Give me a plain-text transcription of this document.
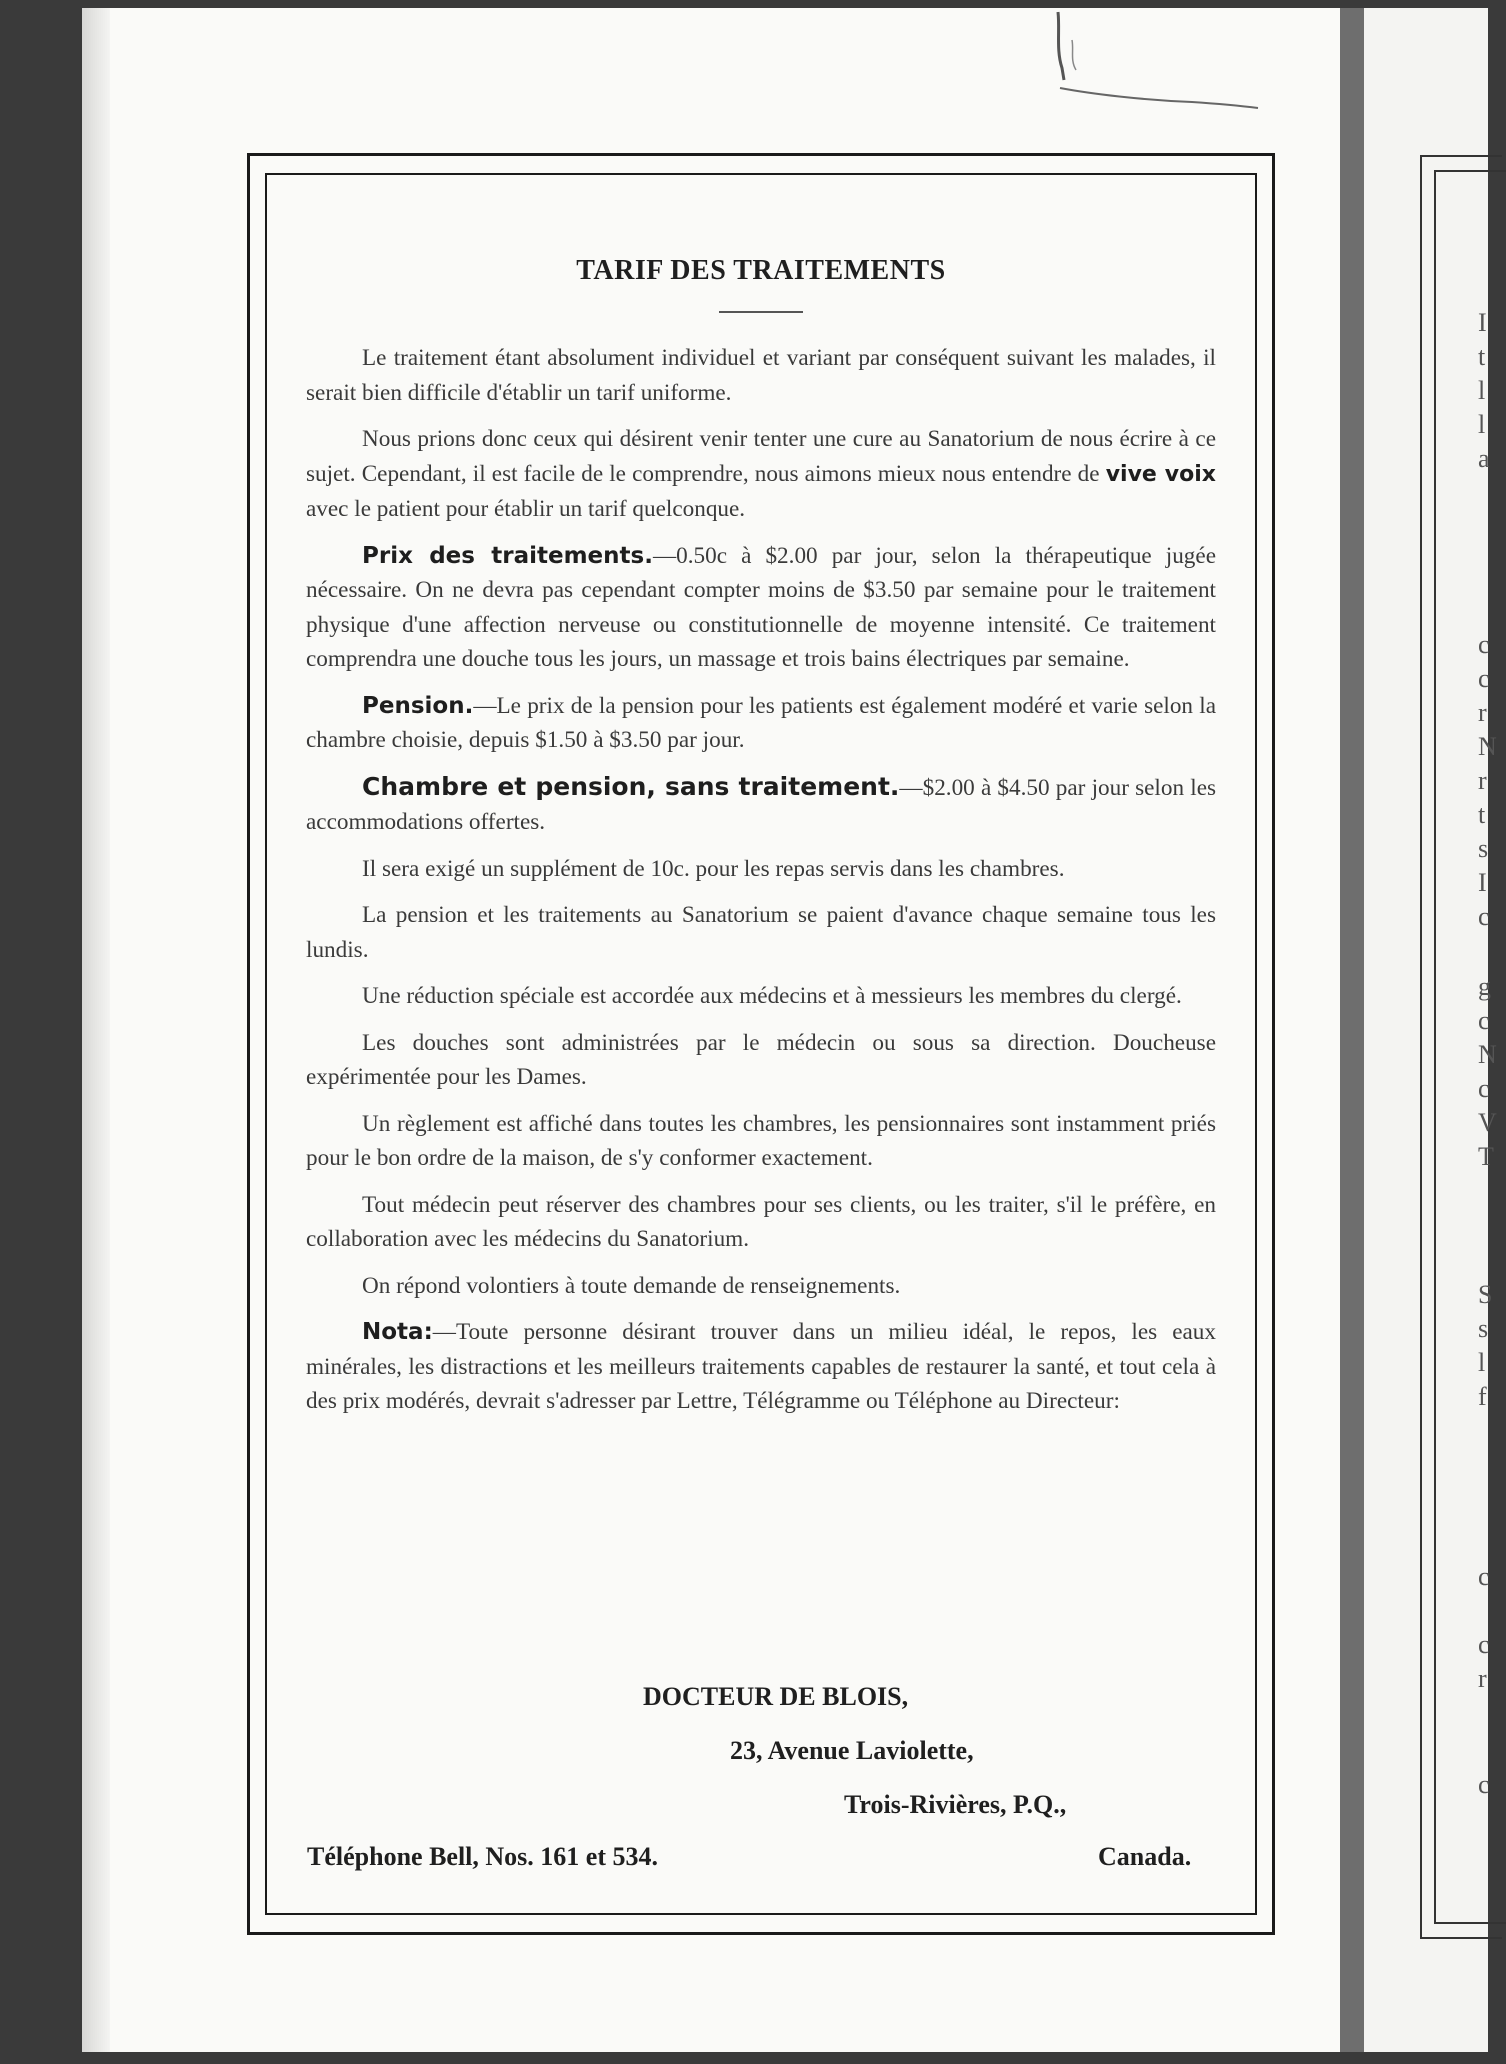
I
t
l
l
a
c
c
r
N
r
t
s
I
c
g
c
N
c
V
T
S
s
l
f
c
c
r
c
TARIF DES TRAITEMENTS

Le traitement étant absolument individuel et variant par conséquent suivant les malades, il serait bien difficile d'établir un tarif uniforme.

Nous prions donc ceux qui désirent venir tenter une cure au Sanatorium de nous écrire à ce sujet. Cependant, il est facile de le comprendre, nous aimons mieux nous entendre de vive voix avec le patient pour établir un tarif quelconque.

Prix des traitements.—0.50c à $2.00 par jour, selon la thérapeutique jugée nécessaire. On ne devra pas cependant compter moins de $3.50 par semaine pour le traitement physique d'une affection nerveuse ou constitutionnelle de moyenne intensité. Ce traitement comprendra une douche tous les jours, un massage et trois bains électriques par semaine.

Pension.—Le prix de la pension pour les patients est également modéré et varie selon la chambre choisie, depuis $1.50 à $3.50 par jour.

Chambre et pension, sans traitement.—$2.00 à $4.50 par jour selon les accommodations offertes.

Il sera exigé un supplément de 10c. pour les repas servis dans les chambres.

La pension et les traitements au Sanatorium se paient d'avance chaque semaine tous les lundis.

Une réduction spéciale est accordée aux médecins et à messieurs les membres du clergé.

Les douches sont administrées par le médecin ou sous sa direction. Doucheuse expérimentée pour les Dames.

Un règlement est affiché dans toutes les chambres, les pensionnaires sont instamment priés pour le bon ordre de la maison, de s'y conformer exactement.

Tout médecin peut réserver des chambres pour ses clients, ou les traiter, s'il le préfère, en collaboration avec les médecins du Sanatorium.

On répond volontiers à toute demande de renseignements.

Nota:—Toute personne désirant trouver dans un milieu idéal, le repos, les eaux minérales, les distractions et les meilleurs traitements capables de restaurer la santé, et tout cela à des prix modérés, devrait s'adresser par Lettre, Télégramme ou Téléphone au Directeur:

DOCTEUR DE BLOIS,
23, Avenue Laviolette,
Trois-Rivières, P.Q.,
Téléphone Bell, Nos. 161 et 534.	Canada.
